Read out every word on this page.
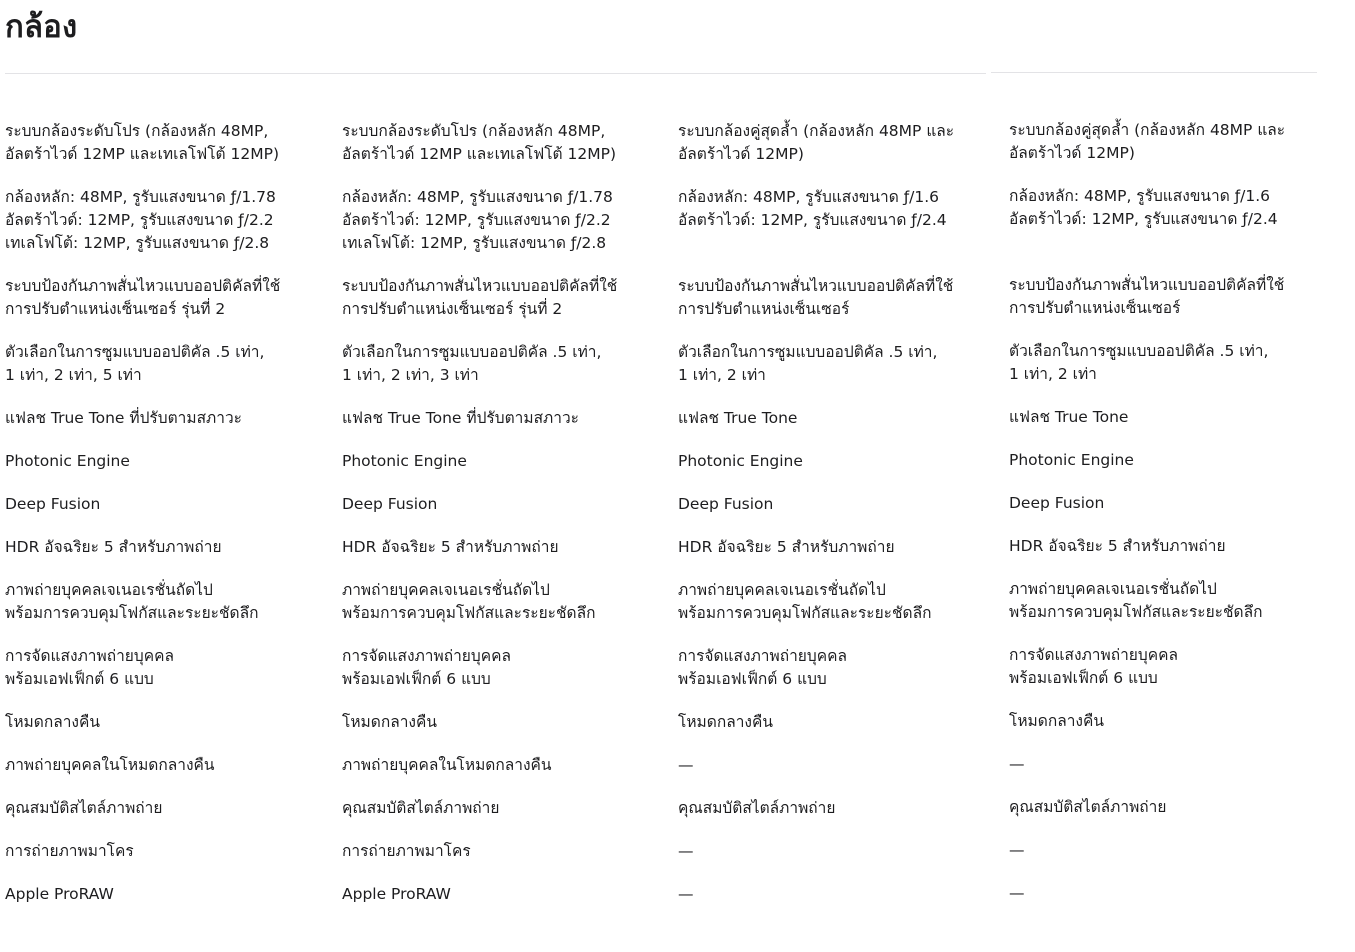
กล้อง

ระบบกล้องระดับโปร (กล้องหลัก 48MP,
อัลตร้าไวด์ 12MP และเทเลโฟโต้ 12MP)

กล้องหลัก: 48MP, รูรับแสงขนาด ƒ/1.78
อัลตร้าไวด์: 12MP, รูรับแสงขนาด ƒ/2.2
เทเลโฟโต้: 12MP, รูรับแสงขนาด ƒ/2.8

ระบบป้องกันภาพสั่นไหวแบบออปติคัลที่ใช้
การปรับตำแหน่งเซ็นเซอร์ รุ่นที่ 2

ตัวเลือกในการซูมแบบออปติคัล .5 เท่า,
1 เท่า, 2 เท่า, 5 เท่า

แฟลช True Tone ที่ปรับตามสภาวะ

Photonic Engine

Deep Fusion

HDR อัจฉริยะ 5 สำหรับภาพถ่าย

ภาพถ่ายบุคคลเจเนอเรชั่นถัดไป
พร้อมการควบคุมโฟกัสและระยะชัดลึก

การจัดแสงภาพถ่ายบุคคล
พร้อมเอฟเฟ็กต์ 6 แบบ

โหมดกลางคืน

ภาพถ่ายบุคคลในโหมดกลางคืน

คุณสมบัติสไตล์ภาพถ่าย

การถ่ายภาพมาโคร

Apple ProRAW

ระบบกล้องระดับโปร (กล้องหลัก 48MP,
อัลตร้าไวด์ 12MP และเทเลโฟโต้ 12MP)

กล้องหลัก: 48MP, รูรับแสงขนาด ƒ/1.78
อัลตร้าไวด์: 12MP, รูรับแสงขนาด ƒ/2.2
เทเลโฟโต้: 12MP, รูรับแสงขนาด ƒ/2.8

ระบบป้องกันภาพสั่นไหวแบบออปติคัลที่ใช้
การปรับตำแหน่งเซ็นเซอร์ รุ่นที่ 2

ตัวเลือกในการซูมแบบออปติคัล .5 เท่า,
1 เท่า, 2 เท่า, 3 เท่า

แฟลช True Tone ที่ปรับตามสภาวะ

Photonic Engine

Deep Fusion

HDR อัจฉริยะ 5 สำหรับภาพถ่าย

ภาพถ่ายบุคคลเจเนอเรชั่นถัดไป
พร้อมการควบคุมโฟกัสและระยะชัดลึก

การจัดแสงภาพถ่ายบุคคล
พร้อมเอฟเฟ็กต์ 6 แบบ

โหมดกลางคืน

ภาพถ่ายบุคคลในโหมดกลางคืน

คุณสมบัติสไตล์ภาพถ่าย

การถ่ายภาพมาโคร

Apple ProRAW

ระบบกล้องคู่สุดล้ำ (กล้องหลัก 48MP และ
อัลตร้าไวด์ 12MP)

กล้องหลัก: 48MP, รูรับแสงขนาด ƒ/1.6
อัลตร้าไวด์: 12MP, รูรับแสงขนาด ƒ/2.4

ระบบป้องกันภาพสั่นไหวแบบออปติคัลที่ใช้
การปรับตำแหน่งเซ็นเซอร์

ตัวเลือกในการซูมแบบออปติคัล .5 เท่า,
1 เท่า, 2 เท่า

แฟลช True Tone

Photonic Engine

Deep Fusion

HDR อัจฉริยะ 5 สำหรับภาพถ่าย

ภาพถ่ายบุคคลเจเนอเรชั่นถัดไป
พร้อมการควบคุมโฟกัสและระยะชัดลึก

การจัดแสงภาพถ่ายบุคคล
พร้อมเอฟเฟ็กต์ 6 แบบ

โหมดกลางคืน

—

คุณสมบัติสไตล์ภาพถ่าย

—

—

ระบบกล้องคู่สุดล้ำ (กล้องหลัก 48MP และ
อัลตร้าไวด์ 12MP)

กล้องหลัก: 48MP, รูรับแสงขนาด ƒ/1.6
อัลตร้าไวด์: 12MP, รูรับแสงขนาด ƒ/2.4

ระบบป้องกันภาพสั่นไหวแบบออปติคัลที่ใช้
การปรับตำแหน่งเซ็นเซอร์

ตัวเลือกในการซูมแบบออปติคัล .5 เท่า,
1 เท่า, 2 เท่า

แฟลช True Tone

Photonic Engine

Deep Fusion

HDR อัจฉริยะ 5 สำหรับภาพถ่าย

ภาพถ่ายบุคคลเจเนอเรชั่นถัดไป
พร้อมการควบคุมโฟกัสและระยะชัดลึก

การจัดแสงภาพถ่ายบุคคล
พร้อมเอฟเฟ็กต์ 6 แบบ

โหมดกลางคืน

—

คุณสมบัติสไตล์ภาพถ่าย

—

—
